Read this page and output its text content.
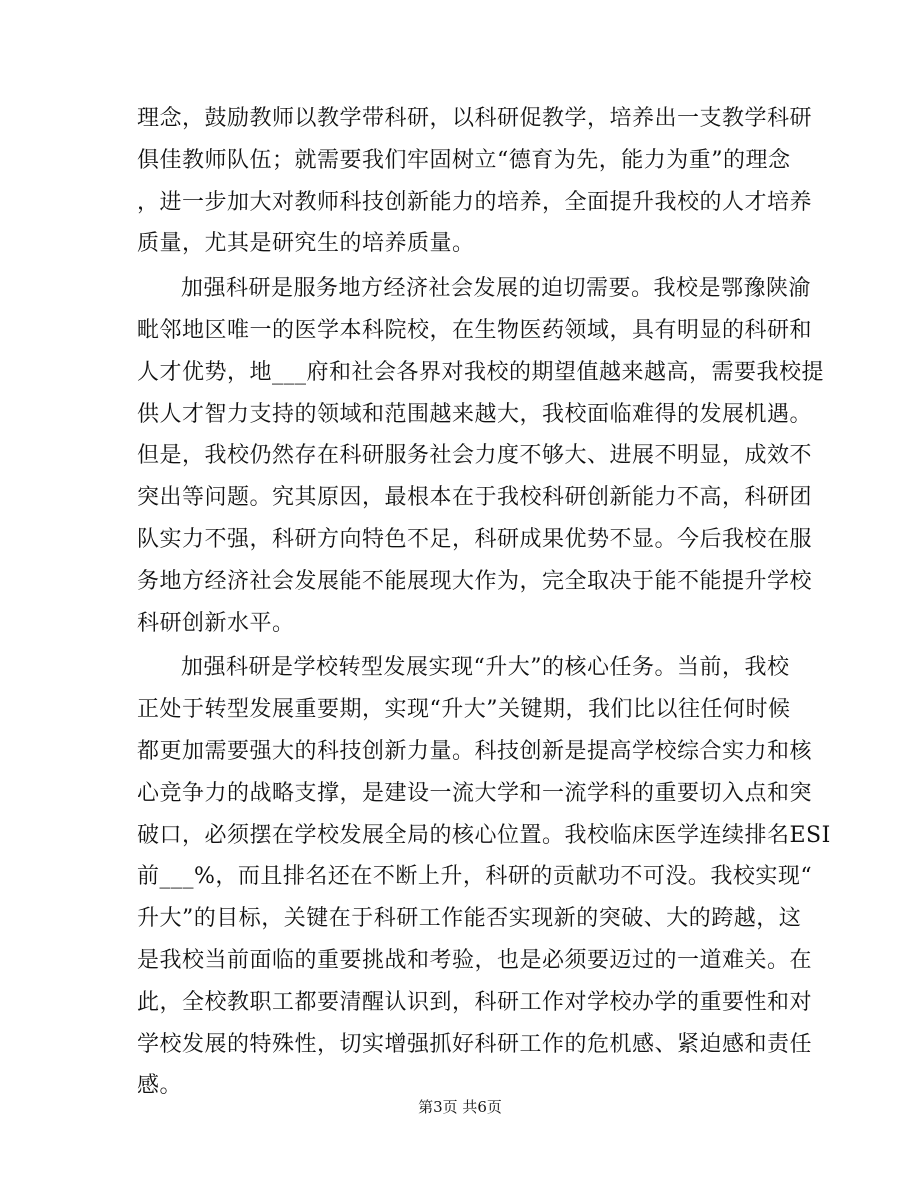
理念，鼓励教师以教学带科研，以科研促教学，培养出一支教学科研

俱佳教师队伍；就需要我们牢固树立“德育为先，能力为重”的理念

，进一步加大对教师科技创新能力的培养，全面提升我校的人才培养

质量，尤其是研究生的培养质量。

加强科研是服务地方经济社会发展的迫切需要。我校是鄂豫陕渝

毗邻地区唯一的医学本科院校，在生物医药领域，具有明显的科研和

人才优势，地___府和社会各界对我校的期望值越来越高，需要我校提

供人才智力支持的领域和范围越来越大，我校面临难得的发展机遇。

但是，我校仍然存在科研服务社会力度不够大、进展不明显，成效不

突出等问题。究其原因，最根本在于我校科研创新能力不高，科研团

队实力不强，科研方向特色不足，科研成果优势不显。今后我校在服

务地方经济社会发展能不能展现大作为，完全取决于能不能提升学校

科研创新水平。

加强科研是学校转型发展实现“升大”的核心任务。当前，我校

正处于转型发展重要期，实现“升大”关键期，我们比以往任何时候

都更加需要强大的科技创新力量。科技创新是提高学校综合实力和核

心竞争力的战略支撑，是建设一流大学和一流学科的重要切入点和突

破口，必须摆在学校发展全局的核心位置。我校临床医学连续排名ESI

前___%，而且排名还在不断上升，科研的贡献功不可没。我校实现“

升大”的目标，关键在于科研工作能否实现新的突破、大的跨越，这

是我校当前面临的重要挑战和考验，也是必须要迈过的一道难关。在

此，全校教职工都要清醒认识到，科研工作对学校办学的重要性和对

学校发展的特殊性，切实增强抓好科研工作的危机感、紧迫感和责任

感。

第3页 共6页
